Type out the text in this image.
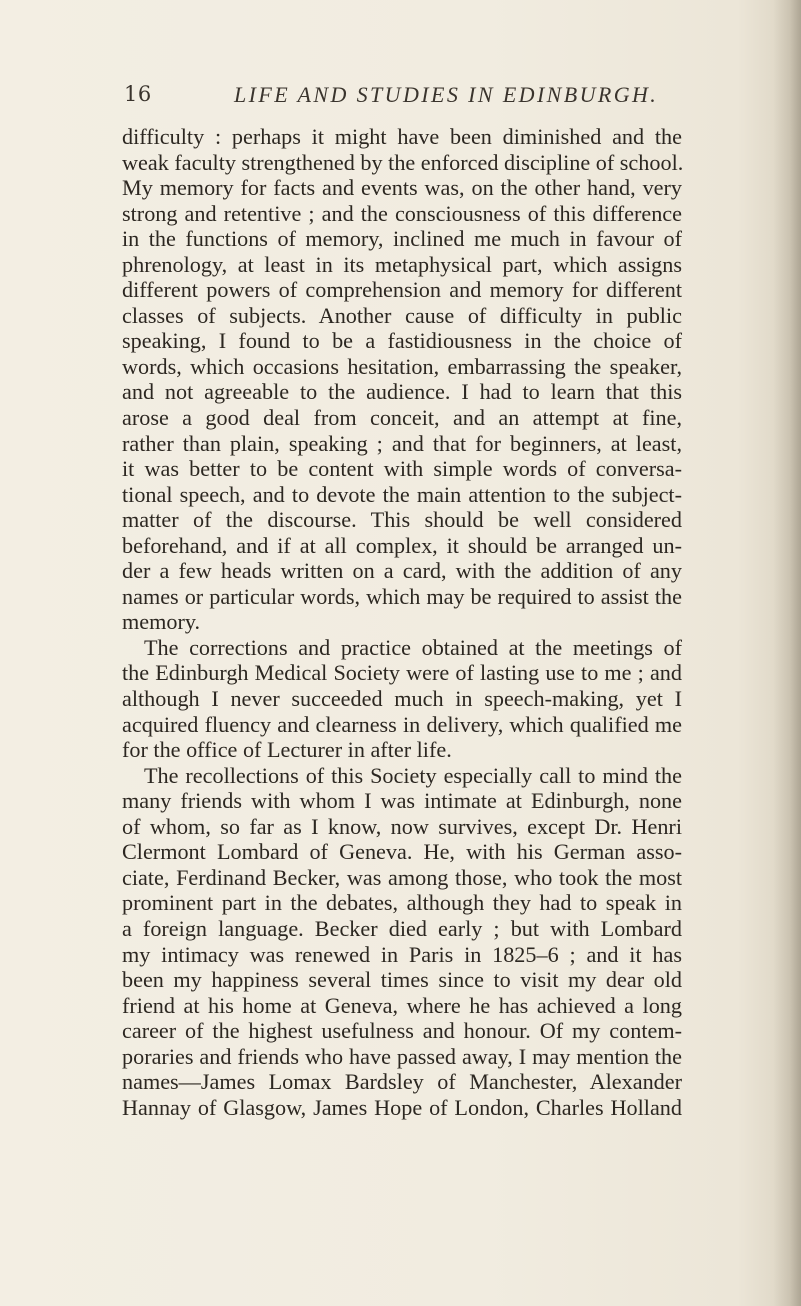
16	LIFE AND STUDIES IN EDINBURGH.
difficulty : perhaps it might have been diminished and the
weak faculty strengthened by the enforced discipline of school.
My memory for facts and events was, on the other hand, very
strong and retentive ; and the consciousness of this difference
in the functions of memory, inclined me much in favour of
phrenology, at least in its metaphysical part, which assigns
different powers of comprehension and memory for different
classes of subjects. Another cause of difficulty in public
speaking, I found to be a fastidiousness in the choice of
words, which occasions hesitation, embarrassing the speaker,
and not agreeable to the audience. I had to learn that this
arose a good deal from conceit, and an attempt at fine,
rather than plain, speaking ; and that for beginners, at least,
it was better to be content with simple words of conversa-
tional speech, and to devote the main attention to the subject-
matter of the discourse. This should be well considered
beforehand, and if at all complex, it should be arranged un-
der a few heads written on a card, with the addition of any
names or particular words, which may be required to assist the
memory.
The corrections and practice obtained at the meetings of
the Edinburgh Medical Society were of lasting use to me ; and
although I never succeeded much in speech-making, yet I
acquired fluency and clearness in delivery, which qualified me
for the office of Lecturer in after life.
The recollections of this Society especially call to mind the
many friends with whom I was intimate at Edinburgh, none
of whom, so far as I know, now survives, except Dr. Henri
Clermont Lombard of Geneva. He, with his German asso-
ciate, Ferdinand Becker, was among those, who took the most
prominent part in the debates, although they had to speak in
a foreign language. Becker died early ; but with Lombard
my intimacy was renewed in Paris in 1825–6 ; and it has
been my happiness several times since to visit my dear old
friend at his home at Geneva, where he has achieved a long
career of the highest usefulness and honour. Of my contem-
poraries and friends who have passed away, I may mention the
names—James Lomax Bardsley of Manchester, Alexander
Hannay of Glasgow, James Hope of London, Charles Holland
